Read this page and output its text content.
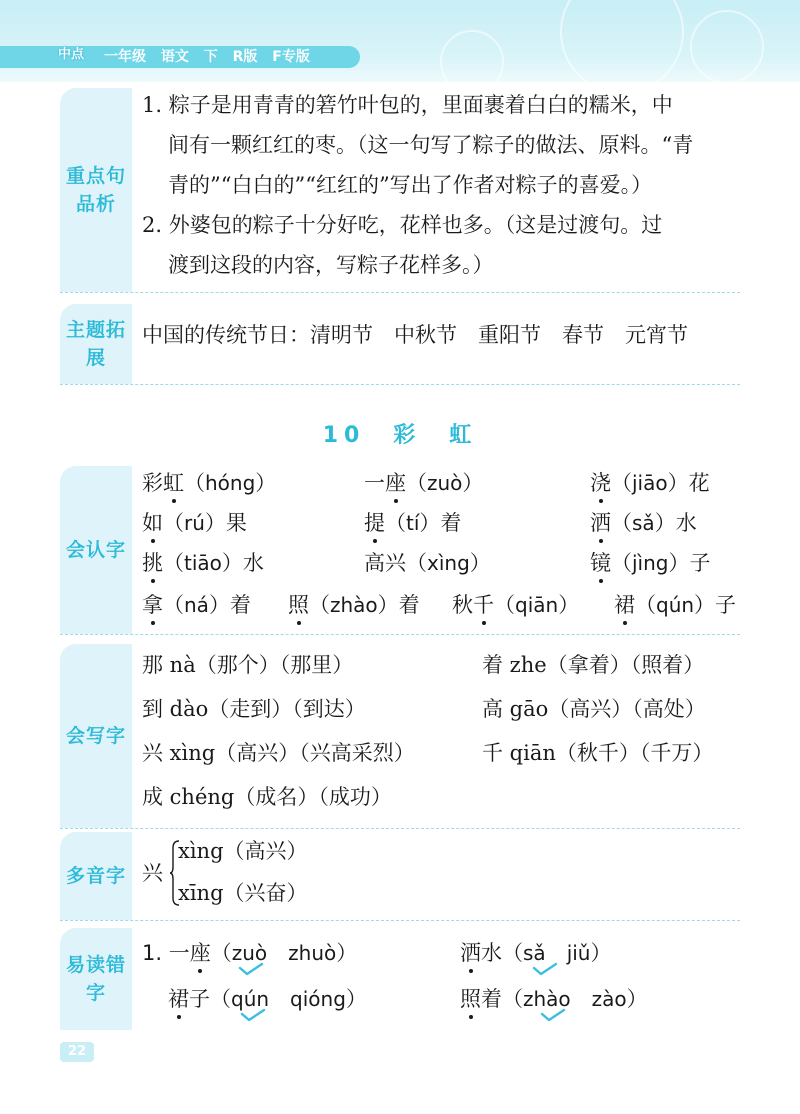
中点	一年级 语文 下 R版 F专版
重点句品析
1. 粽子是用青青的箬竹叶包的，里面裹着白白的糯米，中
间有一颗红红的枣。（这一句写了粽子的做法、原料。“青
青的”“白白的”“红红的”写出了作者对粽子的喜爱。）
2. 外婆包的粽子十分好吃，花样也多。（这是过渡句。过
渡到这段的内容，写粽子花样多。）
主题拓展
中国的传统节日：清明节　中秋节　重阳节　春节　元宵节
10　彩　虹
会认字
彩虹（hóng）	一座（zuò）	浇（jiāo）花
如（rú）果	提（tí）着	洒（sǎ）水
挑（tiāo）水	高兴（xìng）	镜（jìng）子
拿（ná）着 照（zhào）着 秋千（qiān） 裙（qún）子
会写字
那 nà（那个）（那里）	着 zhe（拿着）（照着）
到 dào（走到）（到达）	高 gāo（高兴）（高处）
兴 xìng（高兴）（兴高采烈）	千 qiān（秋千）（千万）
成 chéng（成名）（成功）
多音字 兴
xìng（高兴）
xīng（兴奋）
易读错字
1. 一座（zuò　 zhuò）	洒水（sǎ　 jiǔ）
裙子（qún　 qióng）	照着（zhào　 zào）
22
